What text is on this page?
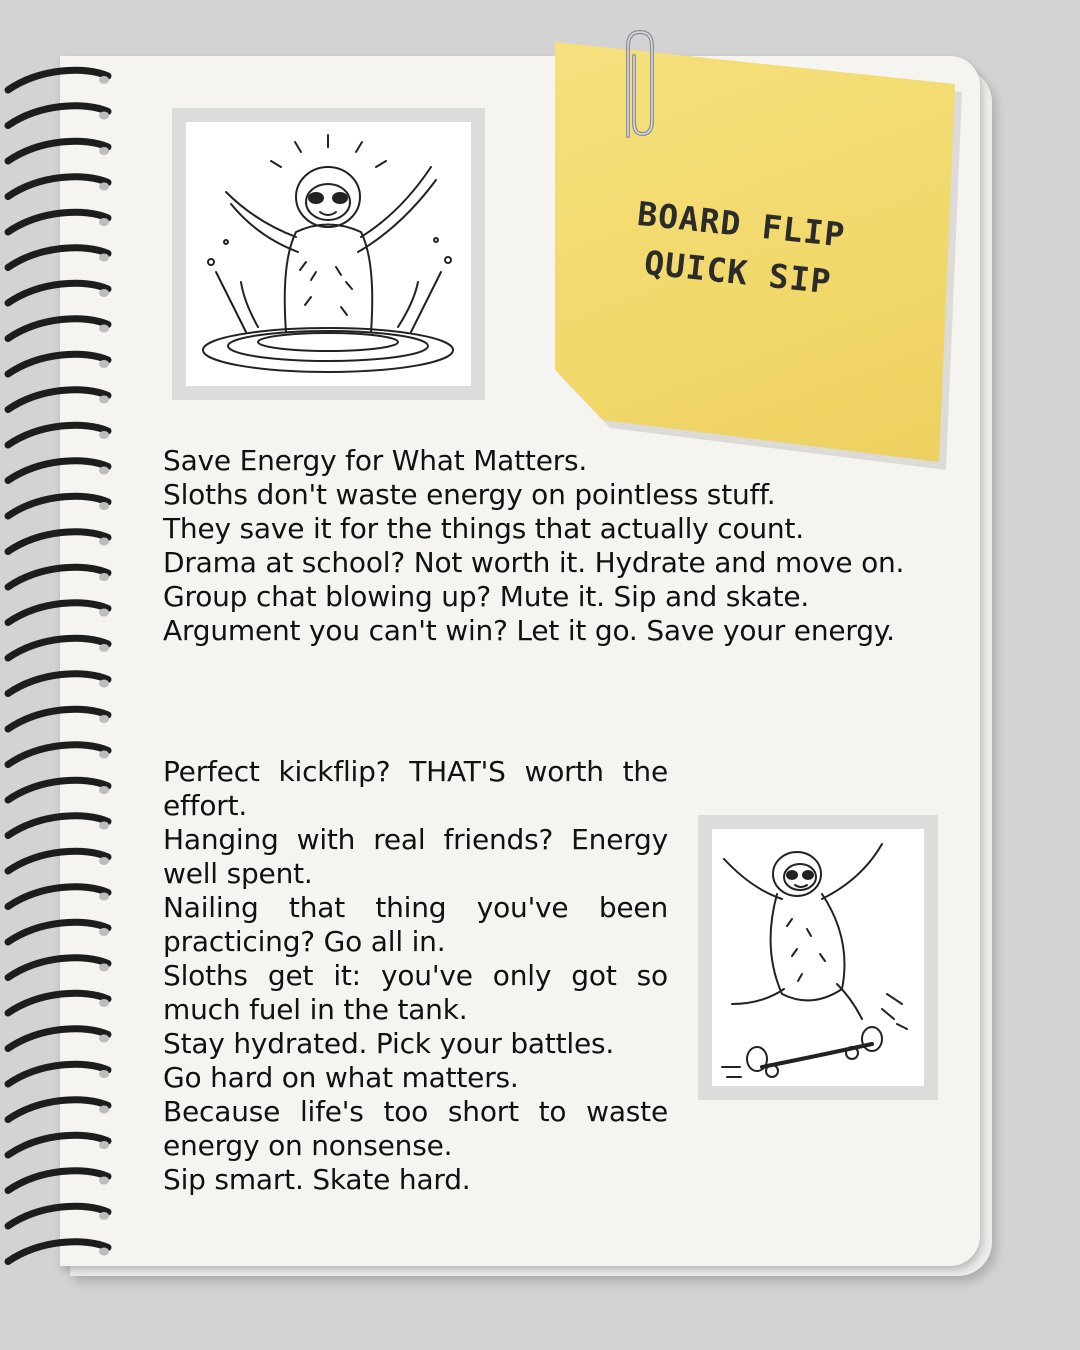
BOARD FLIP
QUICK SIP
Save Energy for What Matters.
Sloths don't waste energy on pointless stuff.
They save it for the things that actually count.
Drama at school? Not worth it. Hydrate and move on.
Group chat blowing up? Mute it. Sip and skate.
Argument you can't win? Let it go. Save your energy.
Perfect kickflip? THAT'S worth the effort.
Hanging with real friends? Energy well spent.
Nailing that thing you've been practicing? Go all in.
Sloths get it: you've only got so much fuel in the tank.
Stay hydrated. Pick your battles.
Go hard on what matters.
Because life's too short to waste energy on nonsense.
Sip smart. Skate hard.
